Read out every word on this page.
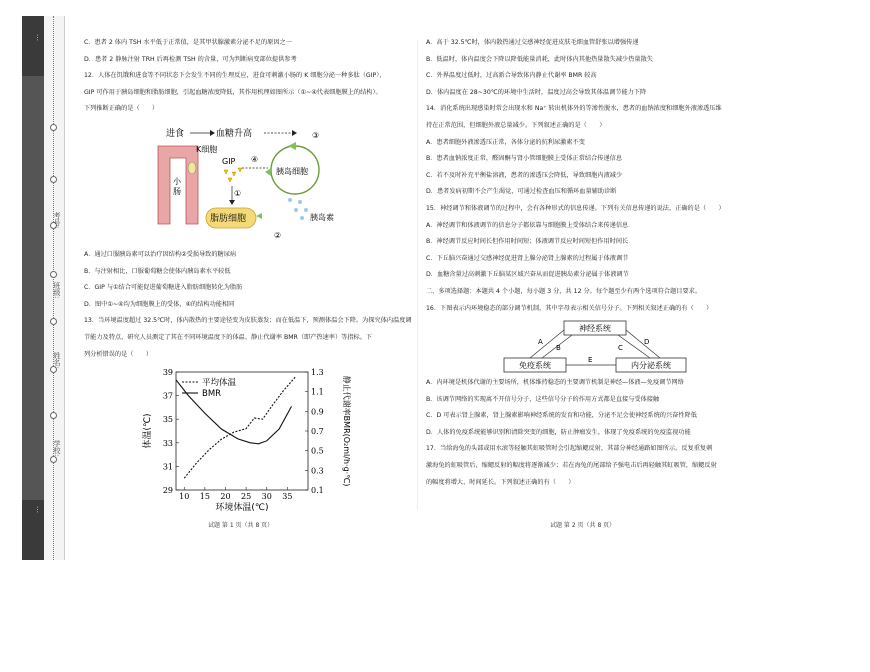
…
…
学校:
姓名:
班级:
考号:

C．患者 2 体内 TSH 水平低于正常值，是其甲状腺激素分泌不足的原因之一

D．患者 2 静脉注射 TRH 后再检测 TSH 的含量，可为判断病变部位提供参考

12．人体在饥饿和进食等不同状态下会发生不同的生理反应，进食可刺激小肠的 K 细胞分泌一种多肽（GIP），

GIP 可作用于胰岛细胞和脂肪细胞，引起血糖浓度降低，其作用机理如图所示（①~④代表细胞膜上的结构）。

下列推断正确的是（　　）

进食	血糖升高	③
K细胞
小
肠
GIP ④
胰岛细胞
胰岛素
①
脂肪细胞
②

A．通过口服胰岛素可以治疗因结构②受损导致的糖尿病

B．与注射相比，口服葡萄糖会使体内胰岛素水平较低

C．GIP 与①结合可能促进葡萄糖进入脂肪细胞转化为脂肪

D．图中①~④均为细胞膜上的受体，④的结构功能相同

13．当环境温度超过 32.5℃时，体内散热的主要途径变为皮肤蒸发；而在低温下，预测体温会下降。为探究体内温度调

节能力及特点，研究人员测定了其在不同环境温度下的体温、静止代谢率 BMR（即产热速率）等指标。下

列分析错误的是（　　）

10 15 20 25 30 35
29
31
33
35
37
39
0.1
0.3
0.5
0.7
0.9
1.1
1.3
环境体温(℃)
体温(℃)	静止代谢率BMR(O₂ml/h·g·℃)
平均体温
BMR
试题 第 1 页（共 8 页）

A．高于 32.5℃时，体内散热通过交感神经促进皮肤毛细血管舒张以增强传递

B．低温时，体内温度会下降以降低能量消耗，此时体内其他热量散失减少热量散失

C．外界温度过低时，过高新合导致体内静止代谢率 BMR 较高

D．体内温度在 28~30℃的环境中生活时，温度过高会导致其体温调节能力下降

14．消化系统出现感染时常会出现水和 Na⁺ 转出机体外的等渗性脱水，患者的血钠浓度和细胞外液渗透压维

持在正常范围，但细胞外液总量减少。下列叙述正确的是（　　）

A．患者细胞外液渗透压正常，各体分泌的抗利尿激素不变

B．患者血钠浓度正常，醛固酮与肾小管细胞膜上受体正常结合传递信息

C．若不及时补充平衡盐溶液，患者的渗透压会降低，导致细胞内液减少

D．患者发病初期不会产生渴觉，可通过检查血压和循环血量辅助诊断

15．神经调节和体液调节的过程中，会有各种形式的信息传递。下列有关信息传递的说法，正确的是（　　）

A．神经调节和体液调节的信息分子都依靠与细胞膜上受体结合来传递信息

B．神经调节反应时间长但作用时间短；体液调节反应时间短但作用时间长

C．下丘脑兴奋通过交感神经促进肾上腺分泌肾上腺素的过程属于体液调节

D．血糖含量过高刺激下丘脑某区域兴奋从而促进胰岛素分泌属于体液调节

二、多项选择题：本题共 4 个小题，每小题 3 分，共 12 分。每个题至少有两个选项符合题目要求。

16．下图表示内环境稳态的部分调节机制，其中字母表示相关信号分子。下列相关叙述正确的有（　　）

神经系统
免疫系统	内分泌系统
A
B	C
D
E

A．内环境是机体代谢的主要场所，机体维持稳态的主要调节机制是神经—体液—免疫调节网络

B．该调节网络的实现离不开信号分子，这些信号分子的作用方式都是直接与受体接触

C．D 可表示肾上腺素，肾上腺素影响神经系统的发育和功能，分泌不足会使神经系统的兴奋性降低

D．人体的免疫系统能够识别和清除突变的细胞，防止肿瘤发生，体现了免疫系统的免疫监视功能

17．当给海兔的头部或用水滚等轻触其虹吸管时会引起缩鳃反射，其部分神经通路如图所示。反复重复刺

激海兔的虹吸管后，缩鳃反射的幅度将逐渐减少；若在海兔的尾部给予强电击后再轻触其虹吸管，缩鳃反射

的幅度将增大、时间延长。下列叙述正确的有（　　）

试题 第 2 页（共 8 页）
